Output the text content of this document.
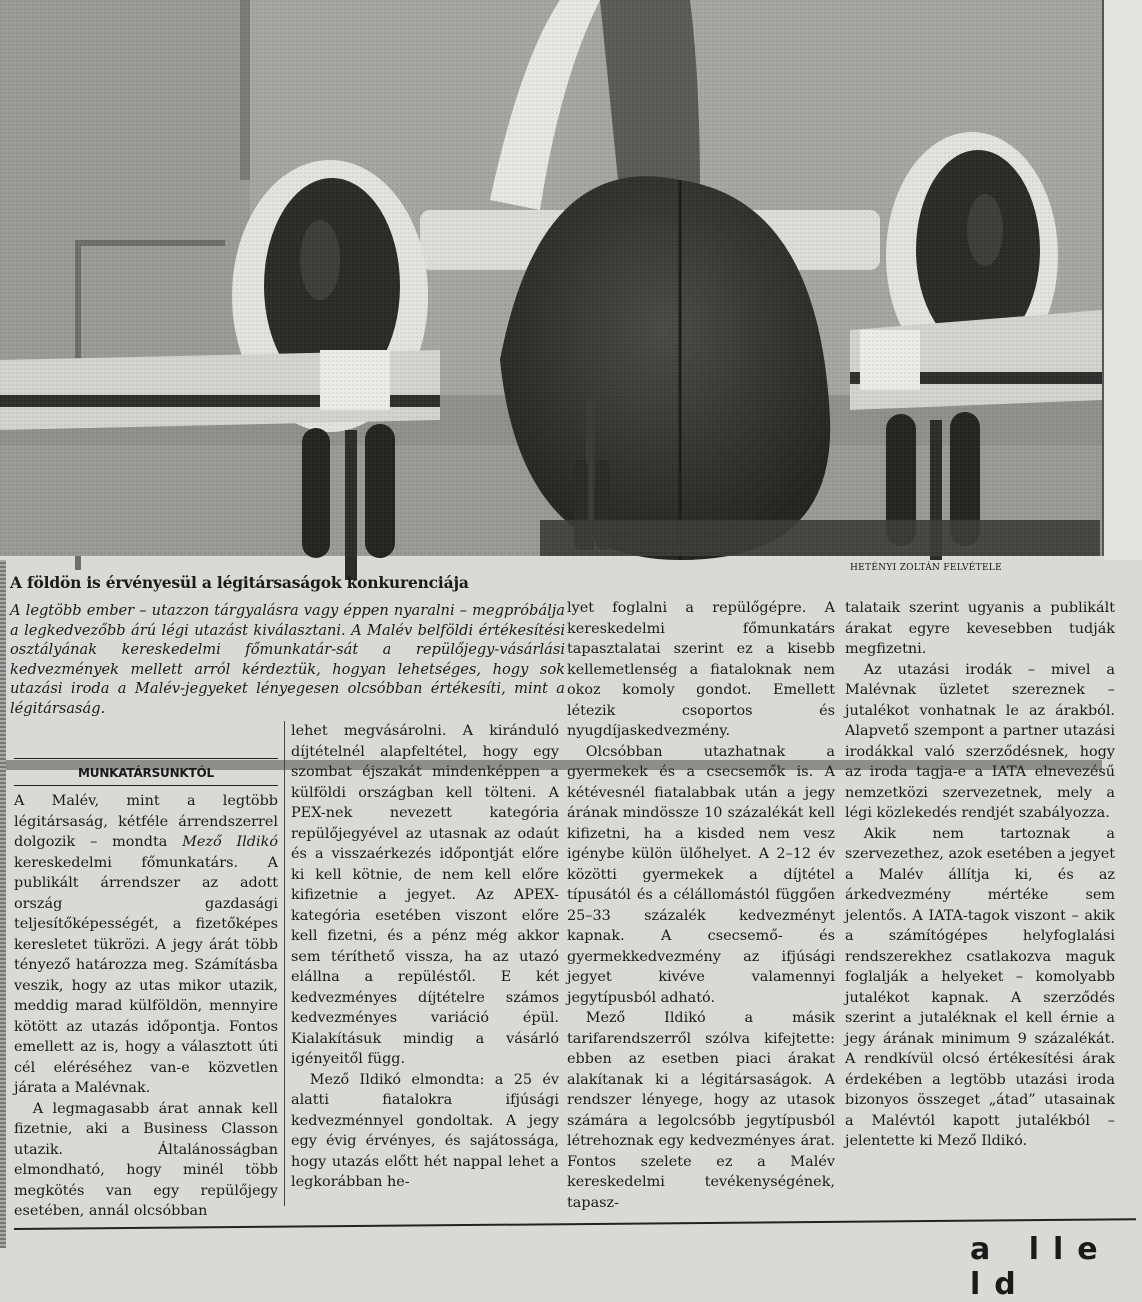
HETÉNYI ZOLTÁN FELVÉTELE
A földön is érvényesül a légitársaságok konkurenciája
A legtöbb ember – utazzon tárgyalásra vagy éppen nyaralni – megpróbálja a legkedvezőbb árú légi utazást kiválasztani. A Malév belföldi értékesítési osztályának kereskedelmi főmunkatár-sát a repülőjegy-vásárlási kedvezmények mellett arról kérdeztük, hogyan lehetséges, hogy sok utazási iroda a Malév-jegyeket lényegesen olcsóbban értékesíti, mint a légitársaság.
MUNKATÁRSUNKTÓL

A Malév, mint a legtöbb légitársaság, kétféle árrendszerrel dolgozik – mondta Mező Ildikó kereskedelmi főmunkatárs. A publikált árrendszer az adott ország gazdasági teljesítőképességét, a fizetőképes keresletet tükrözi. A jegy árát több tényező határozza meg. Számításba veszik, hogy az utas mikor utazik, meddig marad külföldön, mennyire kötött az utazás időpontja. Fontos emellett az is, hogy a választott úti cél eléréséhez van-e közvetlen járata a Malévnak.

A legmagasabb árat annak kell fizetnie, aki a Business Classon utazik. Általánosságban elmondható, hogy minél több megkötés van egy repülőjegy esetében, annál olcsóbban

lehet megvásárolni. A kiránduló díjtételnél alapfeltétel, hogy egy szombat éjszakát mindenképpen a külföldi országban kell tölteni. A PEX-nek nevezett kategória repülőjegyével az utasnak az odaút és a visszaérkezés időpontját előre ki kell kötnie, de nem kell előre kifizetnie a jegyet. Az APEX-kategória esetében viszont előre kell fizetni, és a pénz még akkor sem téríthető vissza, ha az utazó elállna a repüléstől. E két kedvezményes díjtételre számos kedvezményes variáció épül. Kialakításuk mindig a vásárló igényeitől függ.

Mező Ildikó elmondta: a 25 év alatti fiatalokra ifjúsági kedvezménnyel gondoltak. A jegy egy évig érvényes, és sajátossága, hogy utazás előtt hét nappal lehet a legkorábban he-

lyet foglalni a repülőgépre. A kereskedelmi főmunkatárs tapasztalatai szerint ez a kisebb kellemetlenség a fiataloknak nem okoz komoly gondot. Emellett létezik csoportos és nyugdíjaskedvezmény.

Olcsóbban utazhatnak a gyermekek és a csecsemők is. A kétévesnél fiatalabbak után a jegy árának mindössze 10 százalékát kell kifizetni, ha a kisded nem vesz igénybe külön ülőhelyet. A 2–12 év közötti gyermekek a díjtétel típusától és a célállomástól függően 25–33 százalék kedvezményt kapnak. A csecsemő- és gyermekkedvezmény az ifjúsági jegyet kivéve valamennyi jegytípusból adható.

Mező Ildikó a másik tarifarendszerről szólva kifejtette: ebben az esetben piaci árakat alakítanak ki a légitársaságok. A rendszer lényege, hogy az utasok számára a legolcsóbb jegytípusból létrehoznak egy kedvezményes árat. Fontos szelete ez a Malév kereskedelmi tevékenységének, tapasz-

talataik szerint ugyanis a publikált árakat egyre kevesebben tudják megfizetni.

Az utazási irodák – mivel a Malévnak üzletet szereznek – jutalékot vonhatnak le az árakból. Alapvető szempont a partner utazási irodákkal való szerződésnek, hogy az iroda tagja-e a IATA elnevezésű nemzetközi szervezetnek, mely a légi közlekedés rendjét szabályozza.

Akik nem tartoznak a szervezethez, azok esetében a jegyet a Malév állítja ki, és az árkedvezmény mértéke sem jelentős. A IATA-tagok viszont – akik a számítógépes helyfoglalási rendszerekhez csatlakozva maguk foglalják a helyeket – komolyabb jutalékot kapnak. A szerződés szerint a jutaléknak el kell érnie a jegy árának minimum 9 százalékát. A rendkívül olcsó értékesítési árak érdekében a legtöbb utazási iroda bizonyos összeget „átad” utasainak a Malévtól kapott jutalékból – jelentette ki Mező Ildikó.

a lle ld
